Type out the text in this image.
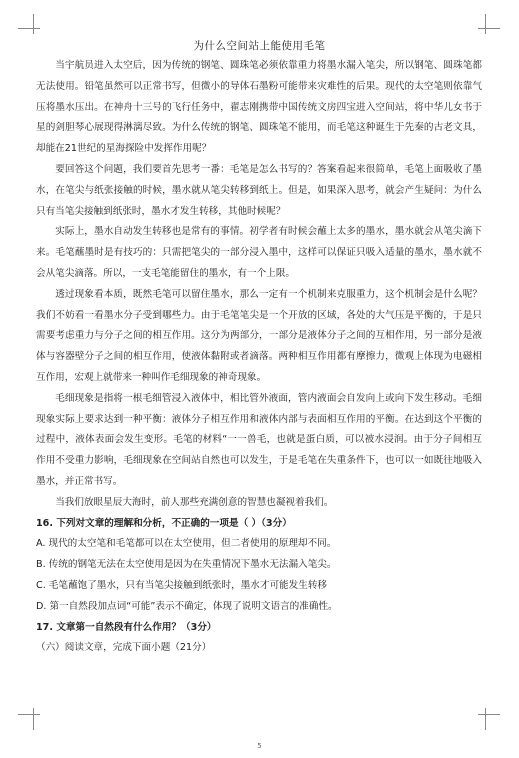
为什么空间站上能使用毛笔

当宇航员进入太空后，因为传统的钢笔、圆珠笔必须依靠重力将墨水漏入笔尖，所以钢笔、圆珠笔都无法使用。铅笔虽然可以正常书写，但微小的导体石墨粉可能带来灾难性的后果。现代的太空笔则依靠气压将墨水压出。在神舟十三号的飞行任务中，翟志刚携带中国传统文房四宝进入空间站，将中华儿女书于星的剑胆琴心展现得淋漓尽致。为什么传统的钢笔、圆珠笔不能用，而毛笔这种诞生于先秦的古老文具，却能在21世纪的星海探险中发挥作用呢？

要回答这个问题，我们要首先思考一番：毛笔是怎么书写的？答案看起来很简单，毛笔上面吸收了墨水，在笔尖与纸张接触的时候，墨水就从笔尖转移到纸上。但是，如果深入思考，就会产生疑问：为什么只有当笔尖接触到纸张时，墨水才发生转移，其他时候呢？

实际上，墨水自动发生转移也是常有的事情。初学者有时候会蘸上太多的墨水，墨水就会从笔尖滴下来。毛笔蘸墨时是有技巧的：只需把笔尖的一部分浸入墨中，这样可以保证只吸入适量的墨水，墨水就不会从笔尖滴落。所以，一支毛笔能留住的墨水，有一个上限。

透过现象看本质，既然毛笔可以留住墨水，那么一定有一个机制来克服重力，这个机制会是什么呢？我们不妨看一看墨水分子受到哪些力。由于毛笔笔尖是一个开放的区域，各处的大气压是平衡的，于是只需要考虑重力与分子之间的相互作用。这分为两部分，一部分是液体分子之间的互相作用，另一部分是液体与容器壁分子之间的相互作用，使液体黏附或者滴落。两种相互作用都有摩擦力，微观上体现为电磁相互作用，宏观上就带来一种叫作毛细现象的神奇现象。

毛细现象是指将一根毛细管浸入液体中，相比管外液面，管内液面会自发向上或向下发生移动。毛细现象实际上要求达到一种平衡：液体分子相互作用和液体内部与表面相互作用的平衡。在达到这个平衡的过程中，液体表面会发生变形。毛笔的材料“一一兽毛，也就是蛋白质，可以被水浸润。由于分子间相互作用不受重力影响，毛细现象在空间站自然也可以发生，于是毛笔在失重条件下，也可以一如既往地吸入墨水，并正常书写。

当我们放眼星辰大海时，前人那些充满创意的智慧也凝视着我们。

16. 下列对文章的理解和分析，不正确的一项是（ ）（3分）

A. 现代的太空笔和毛笔都可以在太空使用，但二者使用的原理却不同。

B. 传统的钢笔无法在太空使用是因为在失重情况下墨水无法漏入笔尖。

C. 毛笔蘸饱了墨水，只有当笔尖接触到纸张时，墨水才可能发生转移

D. 第一自然段加点词“可能”表示不确定，体现了说明文语言的准确性。

17. 文章第一自然段有什么作用？（3分）

（六）阅读文章，完成下面小题（21分）

5
